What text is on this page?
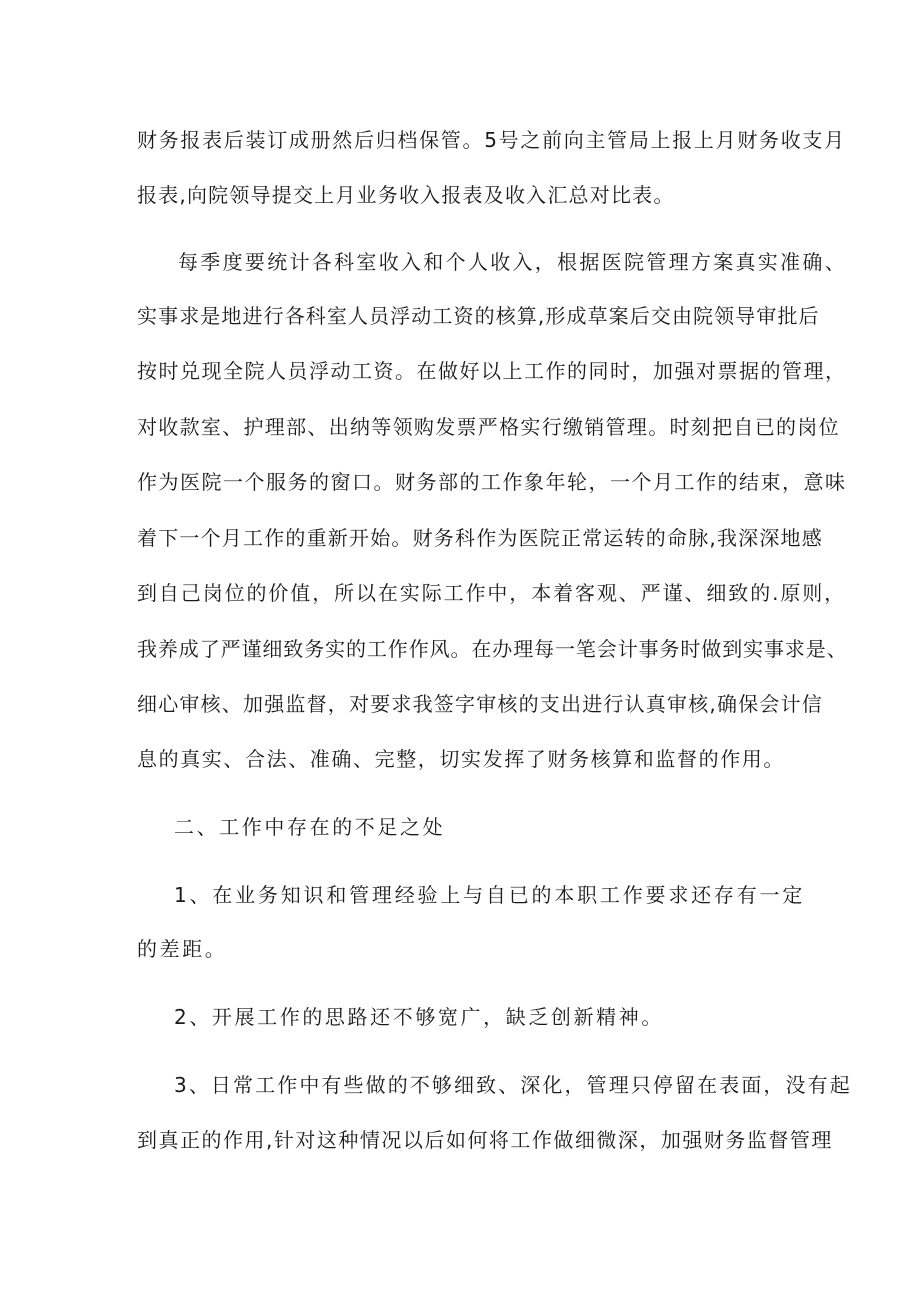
财务报表后装订成册然后归档保管。5号之前向主管局上报上月财务收支月
报表,向院领导提交上月业务收入报表及收入汇总对比表。
每季度要统计各科室收入和个人收入，根据医院管理方案真实准确、
实事求是地进行各科室人员浮动工资的核算,形成草案后交由院领导审批后
按时兑现全院人员浮动工资。在做好以上工作的同时，加强对票据的管理，
对收款室、护理部、出纳等领购发票严格实行缴销管理。时刻把自已的岗位
作为医院一个服务的窗口。财务部的工作象年轮，一个月工作的结束，意味
着下一个月工作的重新开始。财务科作为医院正常运转的命脉,我深深地感
到自己岗位的价值，所以在实际工作中，本着客观、严谨、细致的.原则，
我养成了严谨细致务实的工作作风。在办理每一笔会计事务时做到实事求是、
细心审核、加强监督，对要求我签字审核的支出进行认真审核,确保会计信
息的真实、合法、准确、完整，切实发挥了财务核算和监督的作用。
二、工作中存在的不足之处
1、在业务知识和管理经验上与自已的本职工作要求还存有一定
的差距。
2、开展工作的思路还不够宽广，缺乏创新精神。
3、日常工作中有些做的不够细致、深化，管理只停留在表面，没有起
到真正的作用,针对这种情况以后如何将工作做细微深，加强财务监督管理
